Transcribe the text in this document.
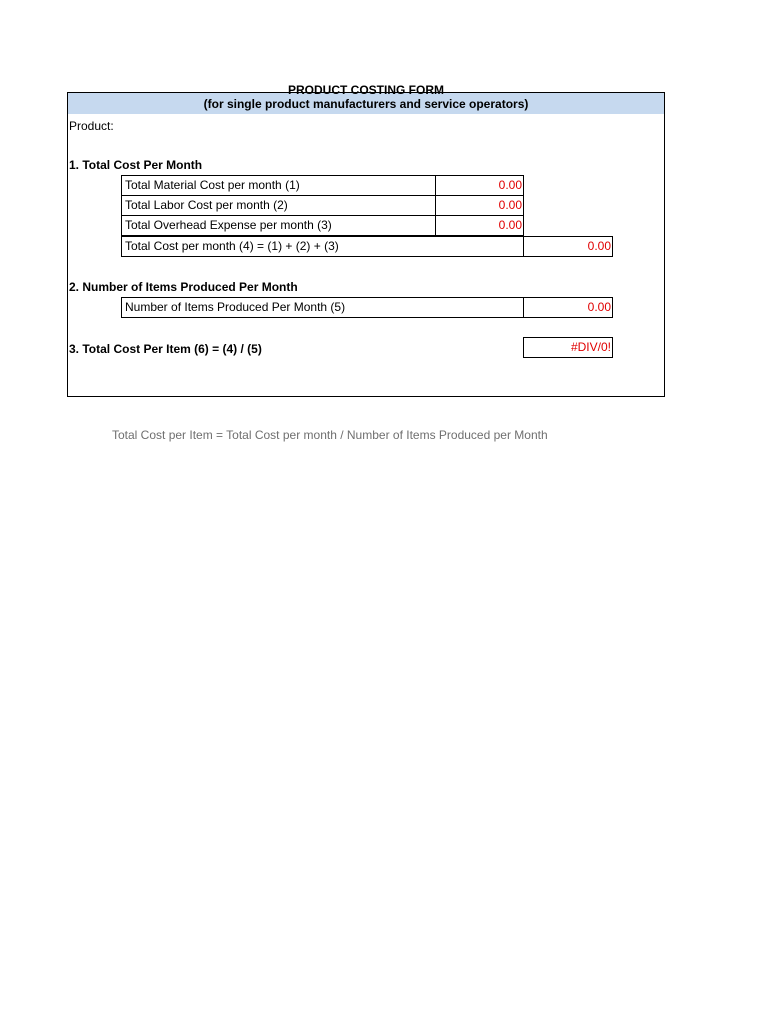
PRODUCT COSTING FORM
(for single product manufacturers and service operators)
Product:
1. Total Cost Per Month
Total Material Cost per month (1)	0.00
Total Labor Cost per month (2)	0.00
Total Overhead Expense per month (3)	0.00
Total Cost per month (4) = (1) + (2) + (3)	0.00
2. Number of Items Produced Per Month
Number of Items Produced Per Month (5)	0.00
3. Total Cost Per Item (6) = (4) / (5)	#DIV/0!
Total Cost per Item = Total Cost per month / Number of Items Produced per Month
